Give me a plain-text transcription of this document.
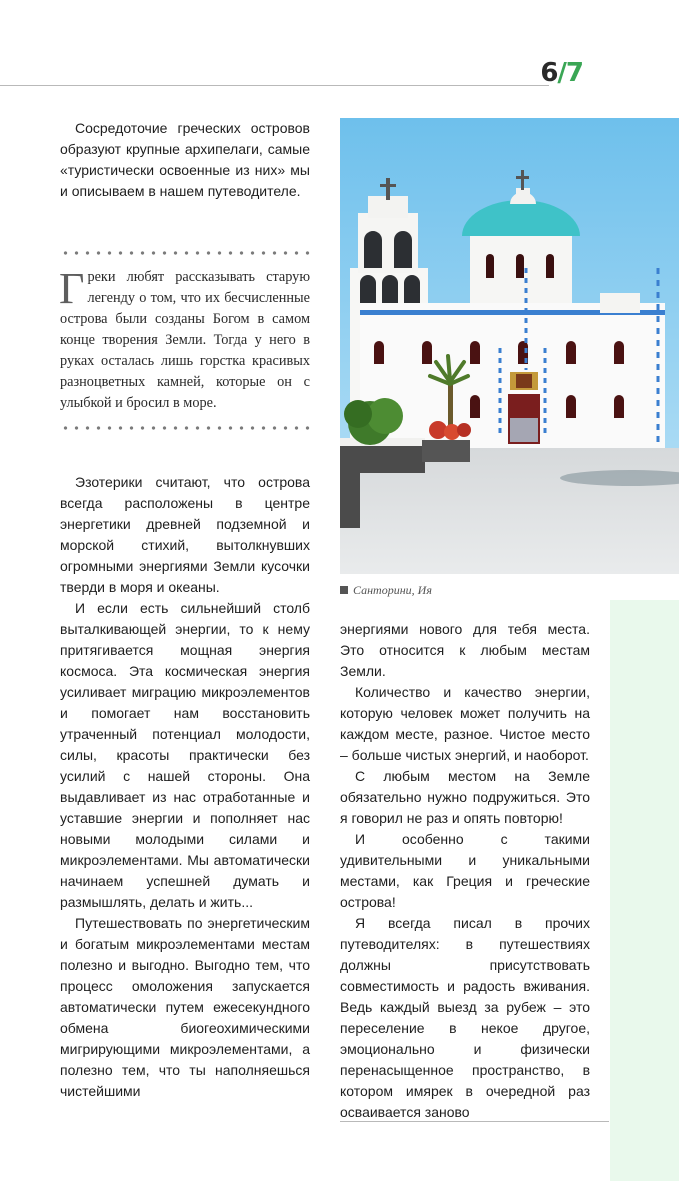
6/7

Сосредоточие греческих островов образуют крупные архипелаги, самые «туристически освоенные из них» мы и описываем в нашем путеводителе.

Греки любят рассказывать старую легенду о том, что их бесчисленные острова были созданы Богом в самом конце творения Земли. Тогда у него в руках осталась лишь горстка красивых разноцветных камней, которые он с улыбкой и бросил в море.

Эзотерики считают, что острова всегда расположены в центре энергетики древней подземной и морской стихий, вытолкнувших огромными энергиями Земли кусочки тверди в моря и океаны.

И если есть сильнейший столб выталкивающей энергии, то к нему притягивается мощная энергия космоса. Эта космическая энергия усиливает миграцию микроэлементов и помогает нам восстановить утраченный потенциал молодости, силы, красоты практически без усилий с нашей стороны. Она выдавливает из нас отработанные и уставшие энергии и пополняет нас новыми молодыми силами и микроэлементами. Мы автоматически начинаем успешней думать и размышлять, делать и жить...

Путешествовать по энергетическим и богатым микроэлементами местам полезно и выгодно. Выгодно тем, что процесс омоложения запускается автоматически путем ежесекундного обмена биогеохимическими мигрирующими микроэлементами, а полезно тем, что ты наполняешься чистейшими

Санторини, Ия

энергиями нового для тебя места. Это относится к любым местам Земли.

Количество и качество энергии, которую человек может получить на каждом месте, разное. Чистое место – больше чистых энергий, и наоборот.

С любым местом на Земле обязательно нужно подружиться. Это я говорил не раз и опять повторю!

И особенно с такими удивительными и уникальными местами, как Греция и греческие острова!

Я всегда писал в прочих путеводителях: в путешествиях должны присутствовать совместимость и радость вживания. Ведь каждый выезд за рубеж – это переселение в некое другое, эмоционально и физически перенасыщенное пространство, в котором имярек в очередной раз осваивается заново
